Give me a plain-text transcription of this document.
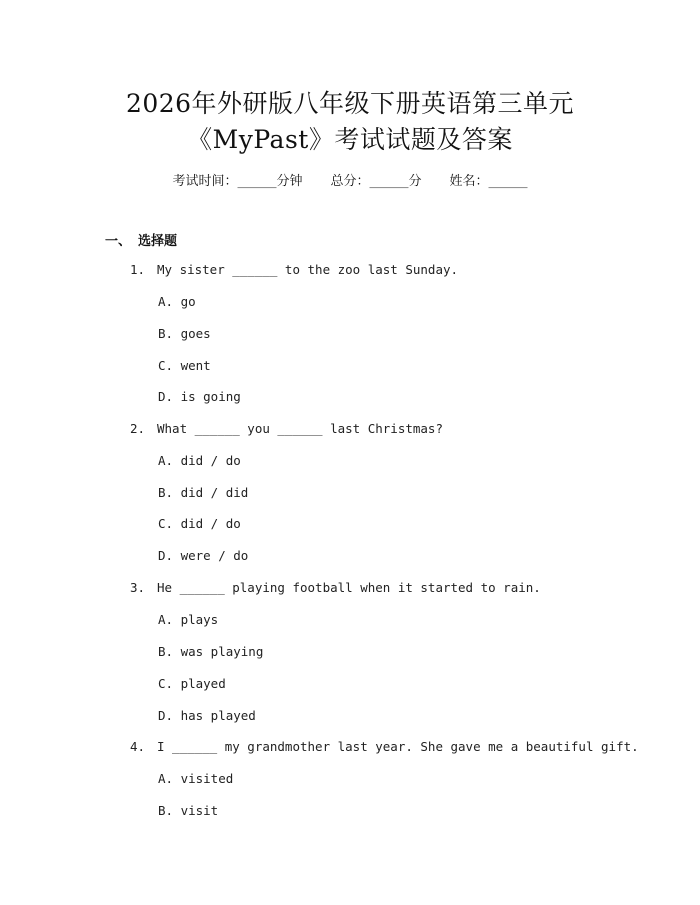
2026年外研版八年级下册英语第三单元
《MyPast》考试试题及答案
考试时间：______分钟 总分：______分 姓名：______
一、 选择题
1. My sister ______ to the zoo last Sunday.
A. go
B. goes
C. went
D. is going
2. What ______ you ______ last Christmas?
A. did / do
B. did / did
C. did / do
D. were / do
3. He ______ playing football when it started to rain.
A. plays
B. was playing
C. played
D. has played
4. I ______ my grandmother last year. She gave me a beautiful gift.
A. visited
B. visit
